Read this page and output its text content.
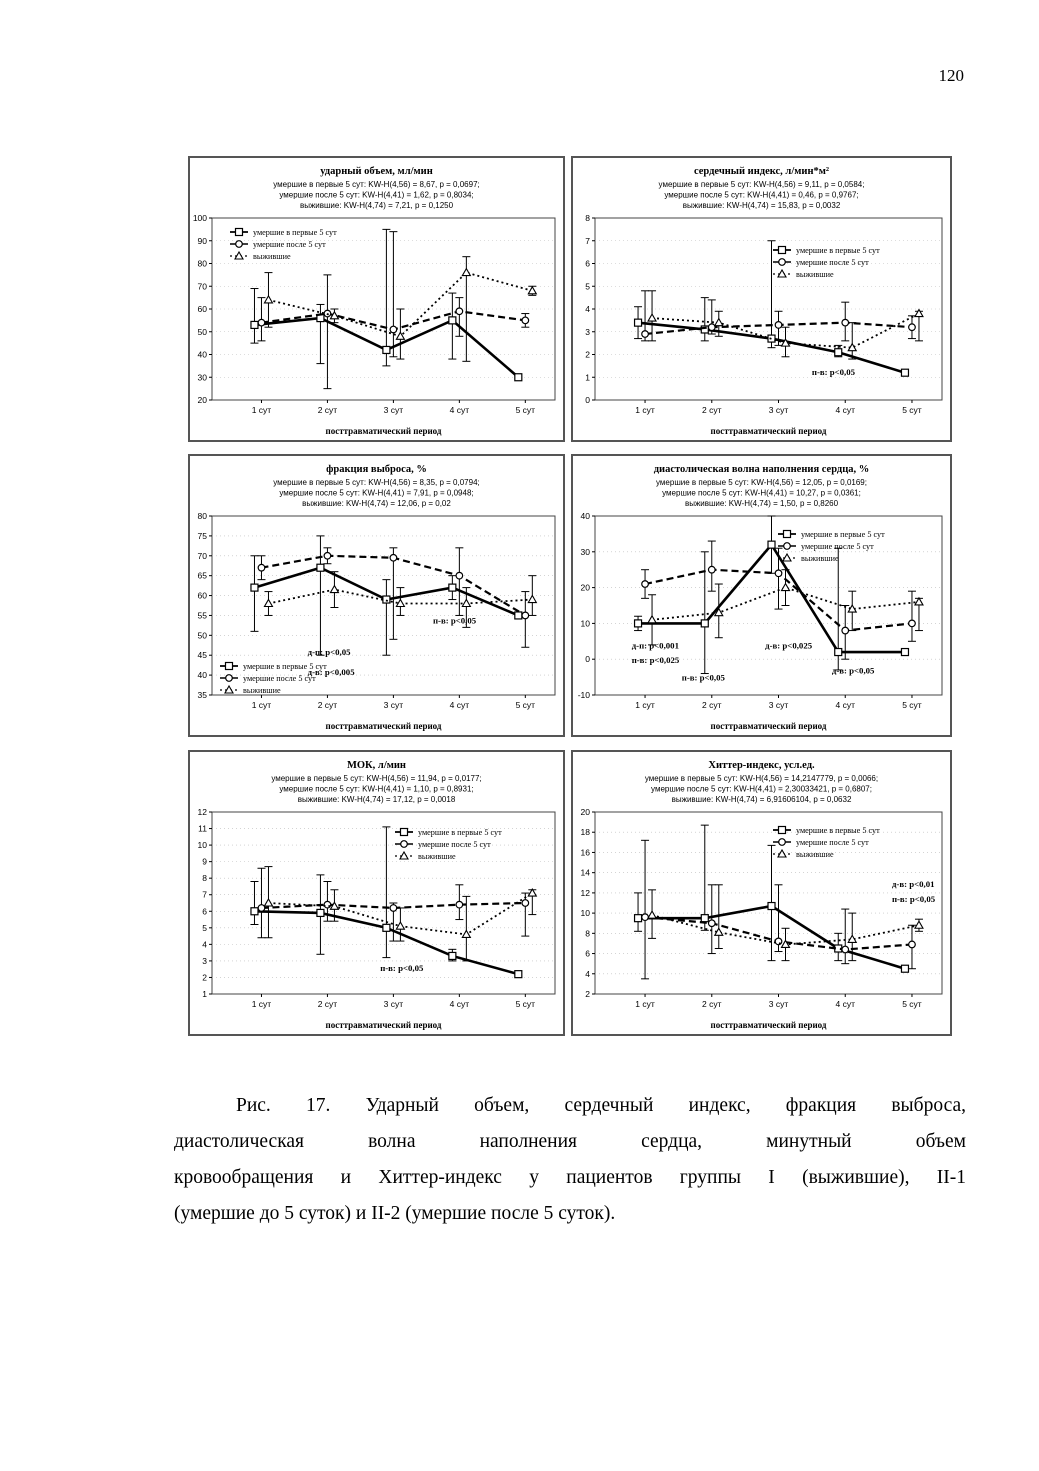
120
ударный объем, мл/мин
умершие в первые 5 сут: KW-H(4,56) = 8,67, p = 0,0697;
умершие после 5 сут: KW-H(4,41) = 1,62, p = 0,8034;
выжившие: KW-H(4,74) = 7,21, p = 0,1250
20
30
40
50
60
70
80
90
100
1 сут	2 сут	3 сут	4 сут	5 сут
посттравматический период
умершие в первые 5 сут
умершие после 5 сут
выжившие
сердечный индекс, л/мин*м²
умершие в первые 5 сут: KW-H(4,56) = 9,11, p = 0,0584;
умершие после 5 сут: KW-H(4,41) = 0,46, p = 0,9767;
выжившие: KW-H(4,74) = 15,83, p = 0,0032
0
1
2
3
4
5
6
7
8
1 сут	2 сут	3 сут	4 сут	5 сут
посттравматический период
умершие в первые 5 сут
умершие после 5 сут
выжившие
п-в: р<0,05
фракция выброса, %
умершие в первые 5 сут: KW-H(4,56) = 8,35, p = 0,0794;
умершие после 5 сут: KW-H(4,41) = 7,91, p = 0,0948;
выжившие: KW-H(4,74) = 12,06, p = 0,02
35
40
45
50
55
60
65
70
75
80
1 сут	2 сут	3 сут	4 сут	5 сут
посттравматический период
умершие в первые 5 сут
умершие после 5 сут
выжившие
п-в: р<0,05
д-п: р<0,05
д-в: р<0,005
диастолическая волна наполнения сердца, %
умершие в первые 5 сут: KW-H(4,56) = 12,05, p = 0,0169;
умершие после 5 сут: KW-H(4,41) = 10,27, p = 0,0361;
выжившие: KW-H(4,74) = 1,50, p = 0,8260
-10
0
10
20
30
40
1 сут	2 сут	3 сут	4 сут	5 сут
посттравматический период
умершие в первые 5 сут
умершие после 5 сут
выжившие
д-п: р<0,001
п-в: р<0,025
п-в: р<0,05
д-в: р<0,025
д-в: р<0,05
МОК, л/мин
умершие в первые 5 сут: KW-H(4,56) = 11,94, p = 0,0177;
умершие после 5 сут: KW-H(4,41) = 1,10, p = 0,8931;
выжившие: KW-H(4,74) = 17,12, p = 0,0018
1
2
3
4
5
6
7
8
9
10
11
12
1 сут	2 сут	3 сут	4 сут	5 сут
посттравматический период
умершие в первые 5 сут
умершие после 5 сут
выжившие
п-в: р<0,05
Хиттер-индекс, усл.ед.
умершие в первые 5 сут: KW-H(4,56) = 14,2147779, p = 0,0066;
умершие после 5 сут: KW-H(4,41) = 2,30033421, p = 0,6807;
выжившие: KW-H(4,74) = 6,91606104, p = 0,0632
2
4
6
8
10
12
14
16
18
20
1 сут	2 сут	3 сут	4 сут	5 сут
посттравматический период
умершие в первые 5 сут
умершие после 5 сут
выжившие
д-в: р<0,01
п-в: р<0,05
Рис. 17. Ударный объем, сердечный индекс, фракция выброса,
диастолическая волна наполнения сердца, минутный объем
кровообращения и Хиттер-индекс у пациентов группы I (выжившие), II-1
(умершие до 5 суток) и II-2 (умершие после 5 суток).
